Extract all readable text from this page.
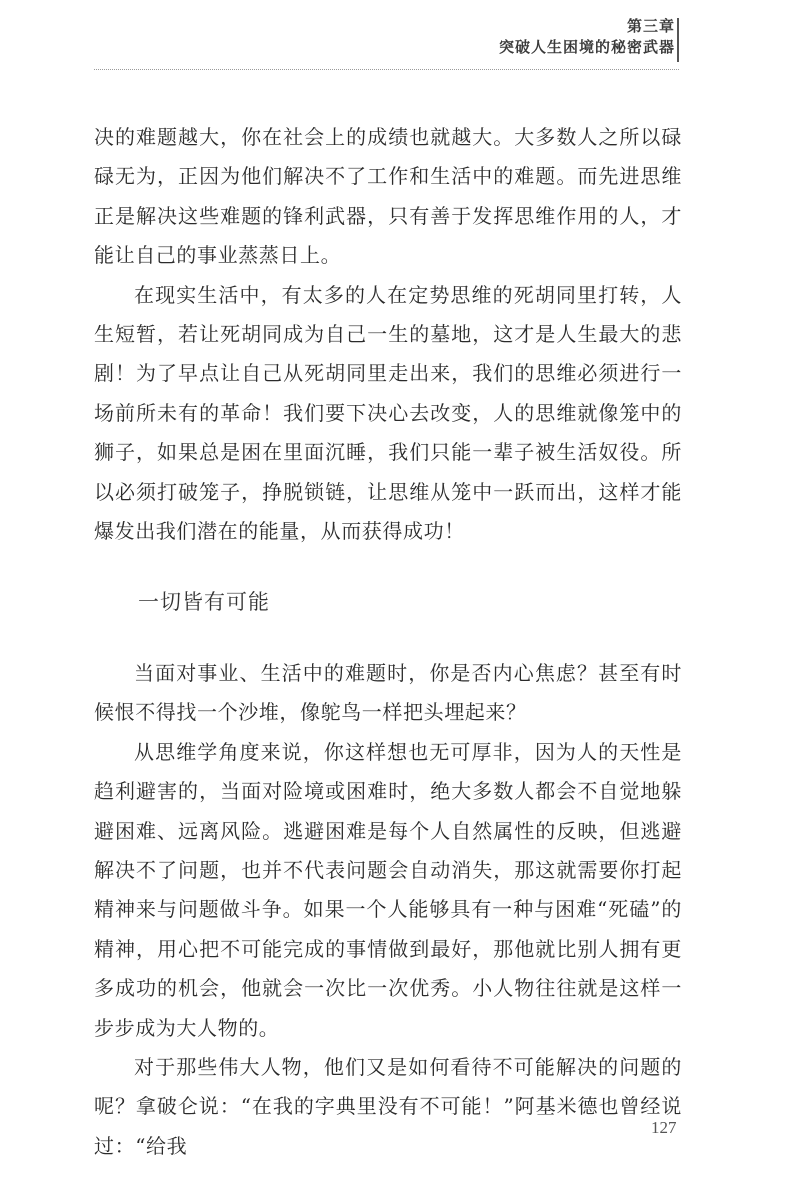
第三章
突破人生困境的秘密武器

决的难题越大，你在社会上的成绩也就越大。大多数人之所以碌碌无为，正因为他们解决不了工作和生活中的难题。而先进思维正是解决这些难题的锋利武器，只有善于发挥思维作用的人，才能让自己的事业蒸蒸日上。

在现实生活中，有太多的人在定势思维的死胡同里打转，人生短暂，若让死胡同成为自己一生的墓地，这才是人生最大的悲剧！为了早点让自己从死胡同里走出来，我们的思维必须进行一场前所未有的革命！我们要下决心去改变，人的思维就像笼中的狮子，如果总是困在里面沉睡，我们只能一辈子被生活奴役。所以必须打破笼子，挣脱锁链，让思维从笼中一跃而出，这样才能爆发出我们潜在的能量，从而获得成功！

一切皆有可能

当面对事业、生活中的难题时，你是否内心焦虑？甚至有时候恨不得找一个沙堆，像鸵鸟一样把头埋起来？

从思维学角度来说，你这样想也无可厚非，因为人的天性是趋利避害的，当面对险境或困难时，绝大多数人都会不自觉地躲避困难、远离风险。逃避困难是每个人自然属性的反映，但逃避解决不了问题，也并不代表问题会自动消失，那这就需要你打起精神来与问题做斗争。如果一个人能够具有一种与困难“死磕”的精神，用心把不可能完成的事情做到最好，那他就比别人拥有更多成功的机会，他就会一次比一次优秀。小人物往往就是这样一步步成为大人物的。

对于那些伟大人物，他们又是如何看待不可能解决的问题的呢？拿破仑说：“在我的字典里没有不可能！”阿基米德也曾经说过：“给我

127
